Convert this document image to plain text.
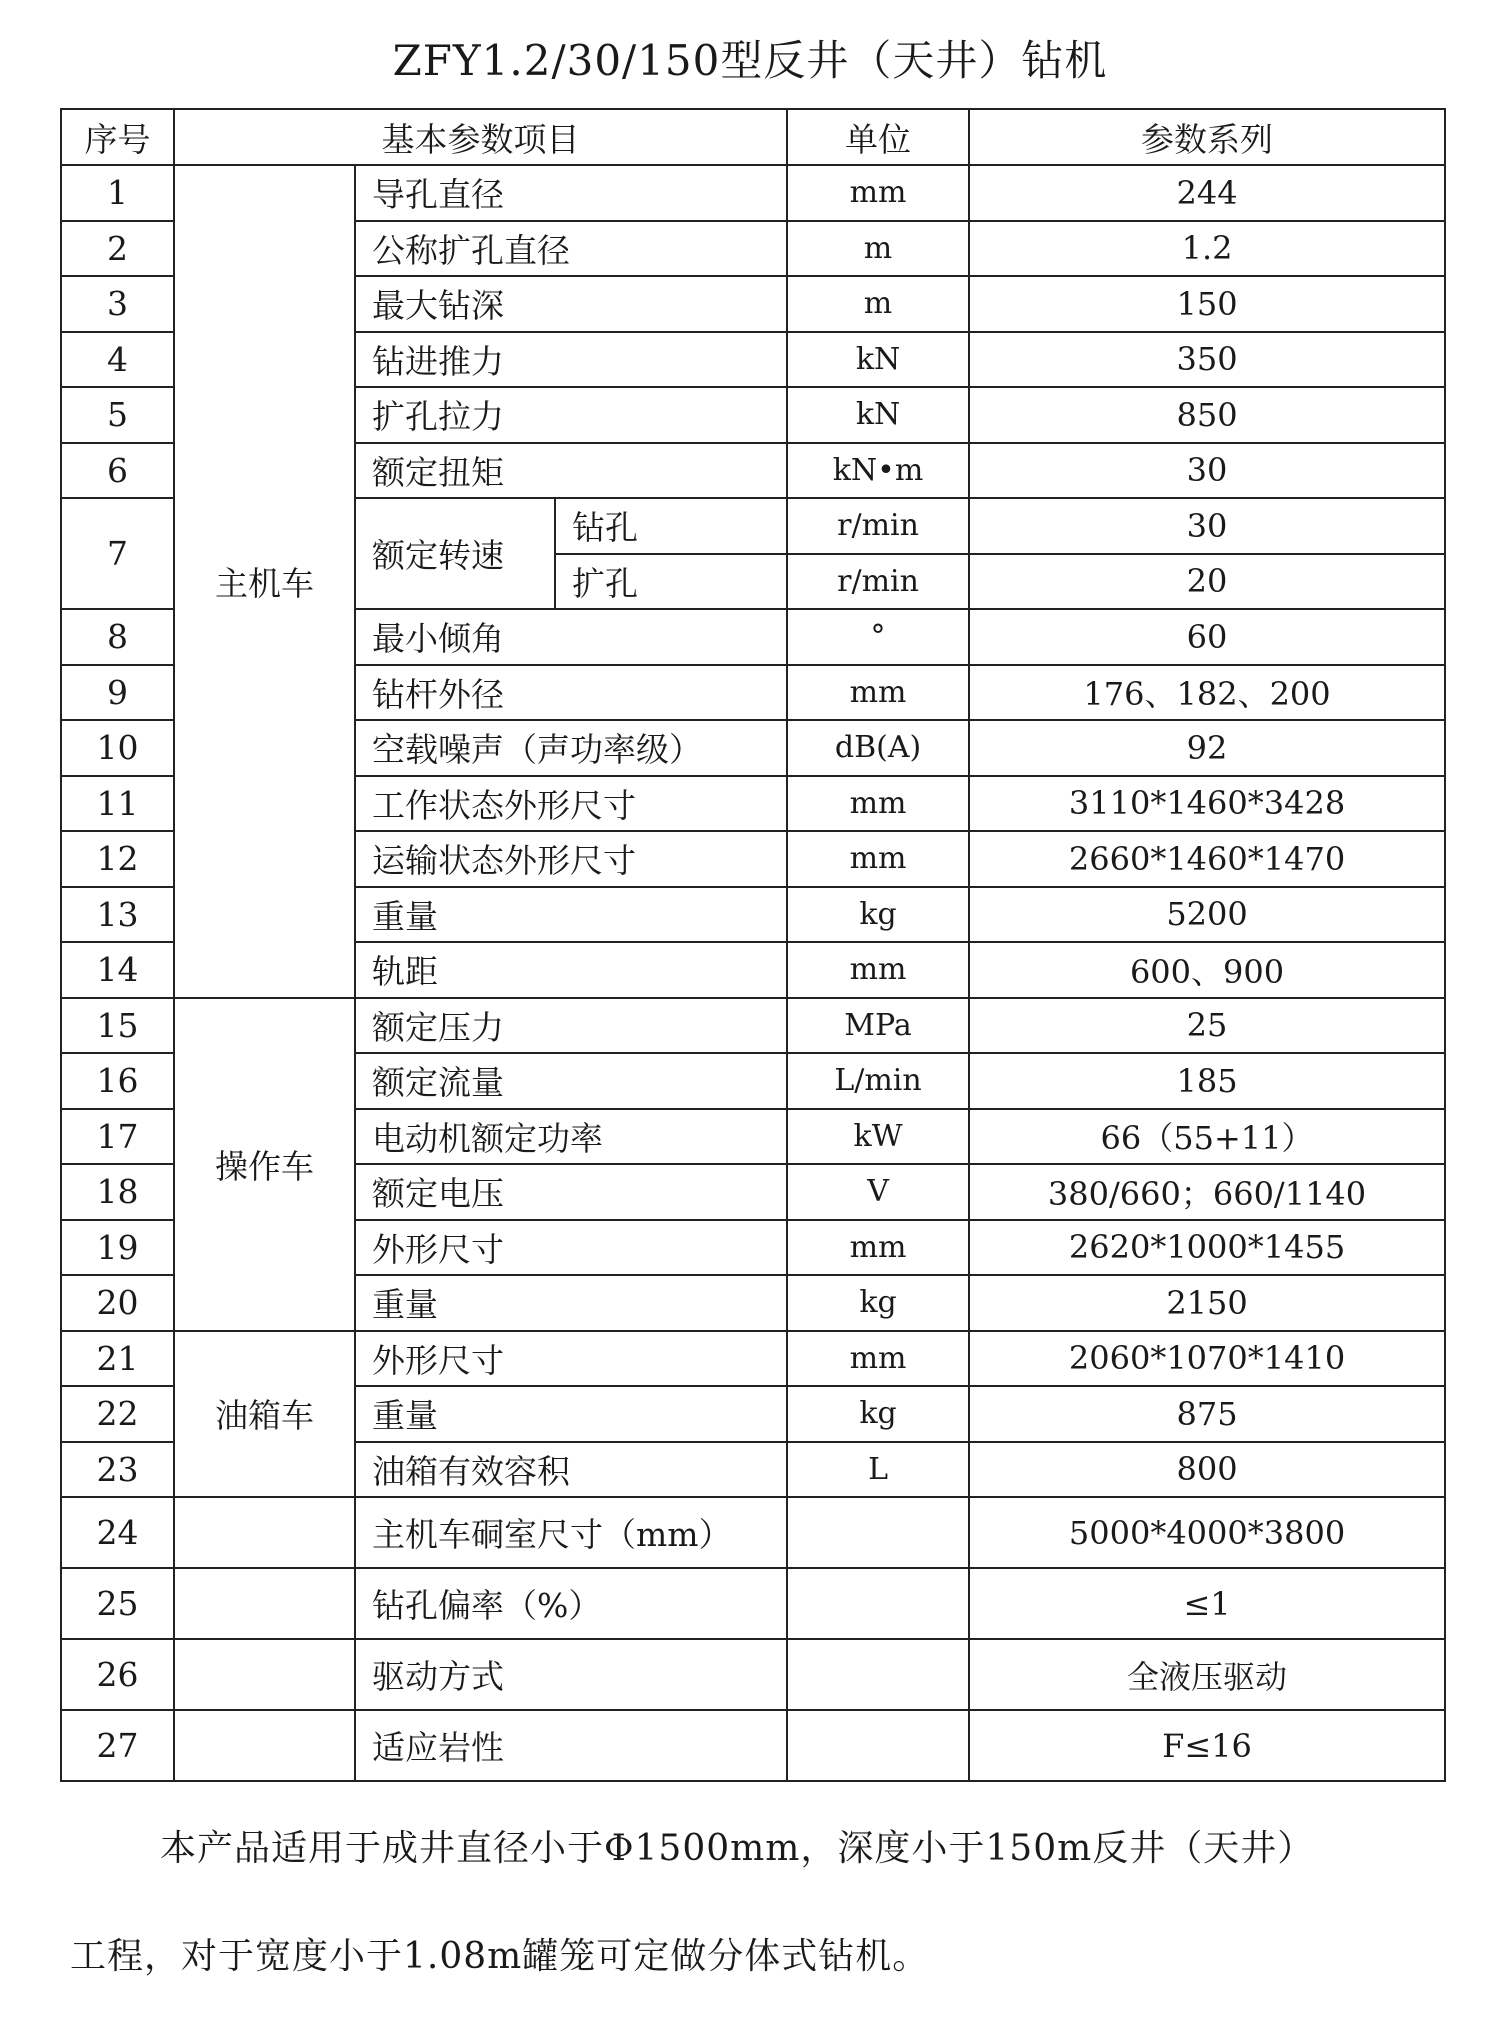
ZFY1.2/30/150型反井（天井）钻机
序号	基本参数项目			单位	参数系列
1	主机车	导孔直径		mm	244
2		公称扩孔直径		m	1.2
3		最大钻深		m	150
4		钻进推力		kN	350
5		扩孔拉力		kN	850
6		额定扭矩		kN•m	30
7		额定转速	钻孔	r/min	30
			扩孔	r/min	20
8		最小倾角		°	60
9		钻杆外径		mm	176、182、200
10		空载噪声（声功率级）		dB(A)	92
11		工作状态外形尺寸		mm	3110*1460*3428
12		运输状态外形尺寸		mm	2660*1460*1470
13		重量		kg	5200
14		轨距		mm	600、900
15	操作车	额定压力		MPa	25
16		额定流量		L/min	185
17		电动机额定功率		kW	66（55+11）
18		额定电压		V	380/660；660/1140
19		外形尺寸		mm	2620*1000*1455
20		重量		kg	2150
21	油箱车	外形尺寸		mm	2060*1070*1410
22		重量		kg	875
23		油箱有效容积		L	800
24		主机车硐室尺寸（mm）			5000*4000*3800
25		钻孔偏率（%）			≤1
26		驱动方式			全液压驱动
27		适应岩性			F≤16
本产品适用于成井直径小于Φ1500mm，深度小于150m反井（天井）
工程，对于宽度小于1.08m罐笼可定做分体式钻机。
